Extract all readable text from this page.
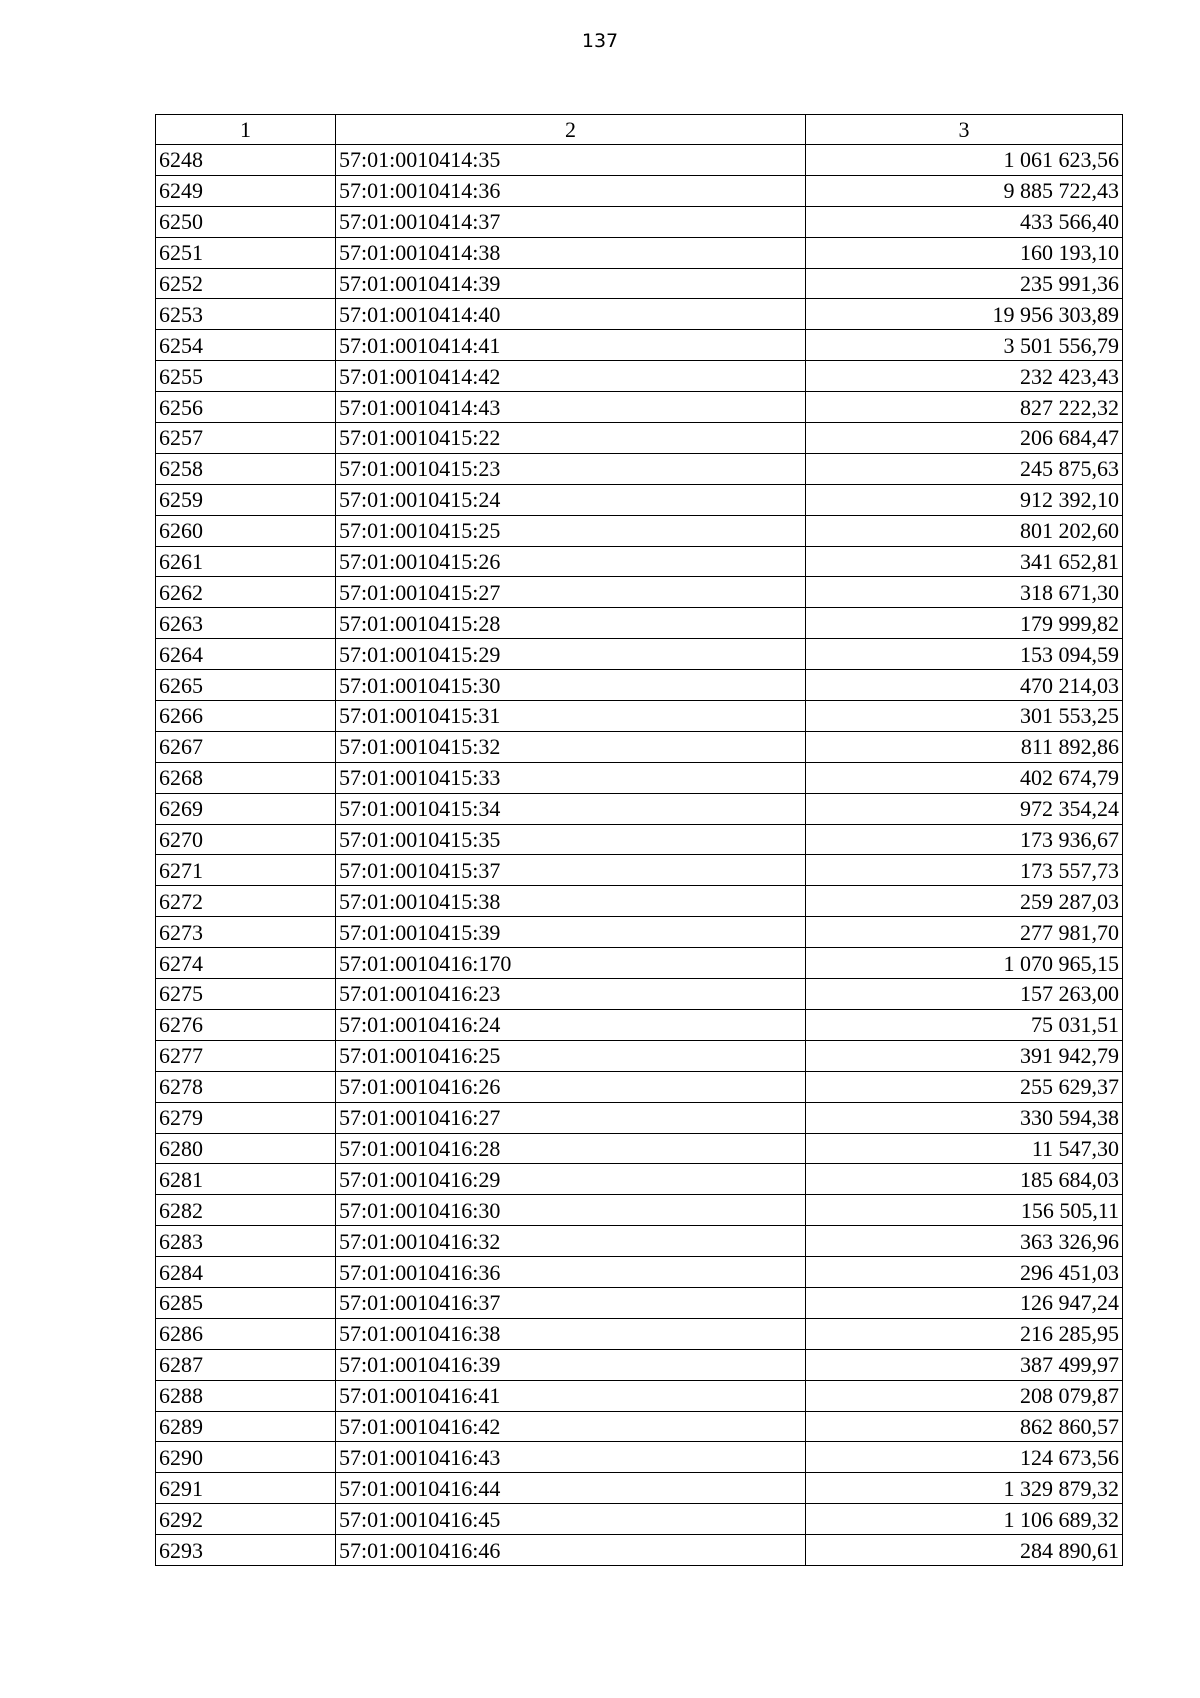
137
1	2	3
6248	57:01:0010414:35	1 061 623,56
6249	57:01:0010414:36	9 885 722,43
6250	57:01:0010414:37	433 566,40
6251	57:01:0010414:38	160 193,10
6252	57:01:0010414:39	235 991,36
6253	57:01:0010414:40	19 956 303,89
6254	57:01:0010414:41	3 501 556,79
6255	57:01:0010414:42	232 423,43
6256	57:01:0010414:43	827 222,32
6257	57:01:0010415:22	206 684,47
6258	57:01:0010415:23	245 875,63
6259	57:01:0010415:24	912 392,10
6260	57:01:0010415:25	801 202,60
6261	57:01:0010415:26	341 652,81
6262	57:01:0010415:27	318 671,30
6263	57:01:0010415:28	179 999,82
6264	57:01:0010415:29	153 094,59
6265	57:01:0010415:30	470 214,03
6266	57:01:0010415:31	301 553,25
6267	57:01:0010415:32	811 892,86
6268	57:01:0010415:33	402 674,79
6269	57:01:0010415:34	972 354,24
6270	57:01:0010415:35	173 936,67
6271	57:01:0010415:37	173 557,73
6272	57:01:0010415:38	259 287,03
6273	57:01:0010415:39	277 981,70
6274	57:01:0010416:170	1 070 965,15
6275	57:01:0010416:23	157 263,00
6276	57:01:0010416:24	75 031,51
6277	57:01:0010416:25	391 942,79
6278	57:01:0010416:26	255 629,37
6279	57:01:0010416:27	330 594,38
6280	57:01:0010416:28	11 547,30
6281	57:01:0010416:29	185 684,03
6282	57:01:0010416:30	156 505,11
6283	57:01:0010416:32	363 326,96
6284	57:01:0010416:36	296 451,03
6285	57:01:0010416:37	126 947,24
6286	57:01:0010416:38	216 285,95
6287	57:01:0010416:39	387 499,97
6288	57:01:0010416:41	208 079,87
6289	57:01:0010416:42	862 860,57
6290	57:01:0010416:43	124 673,56
6291	57:01:0010416:44	1 329 879,32
6292	57:01:0010416:45	1 106 689,32
6293	57:01:0010416:46	284 890,61
